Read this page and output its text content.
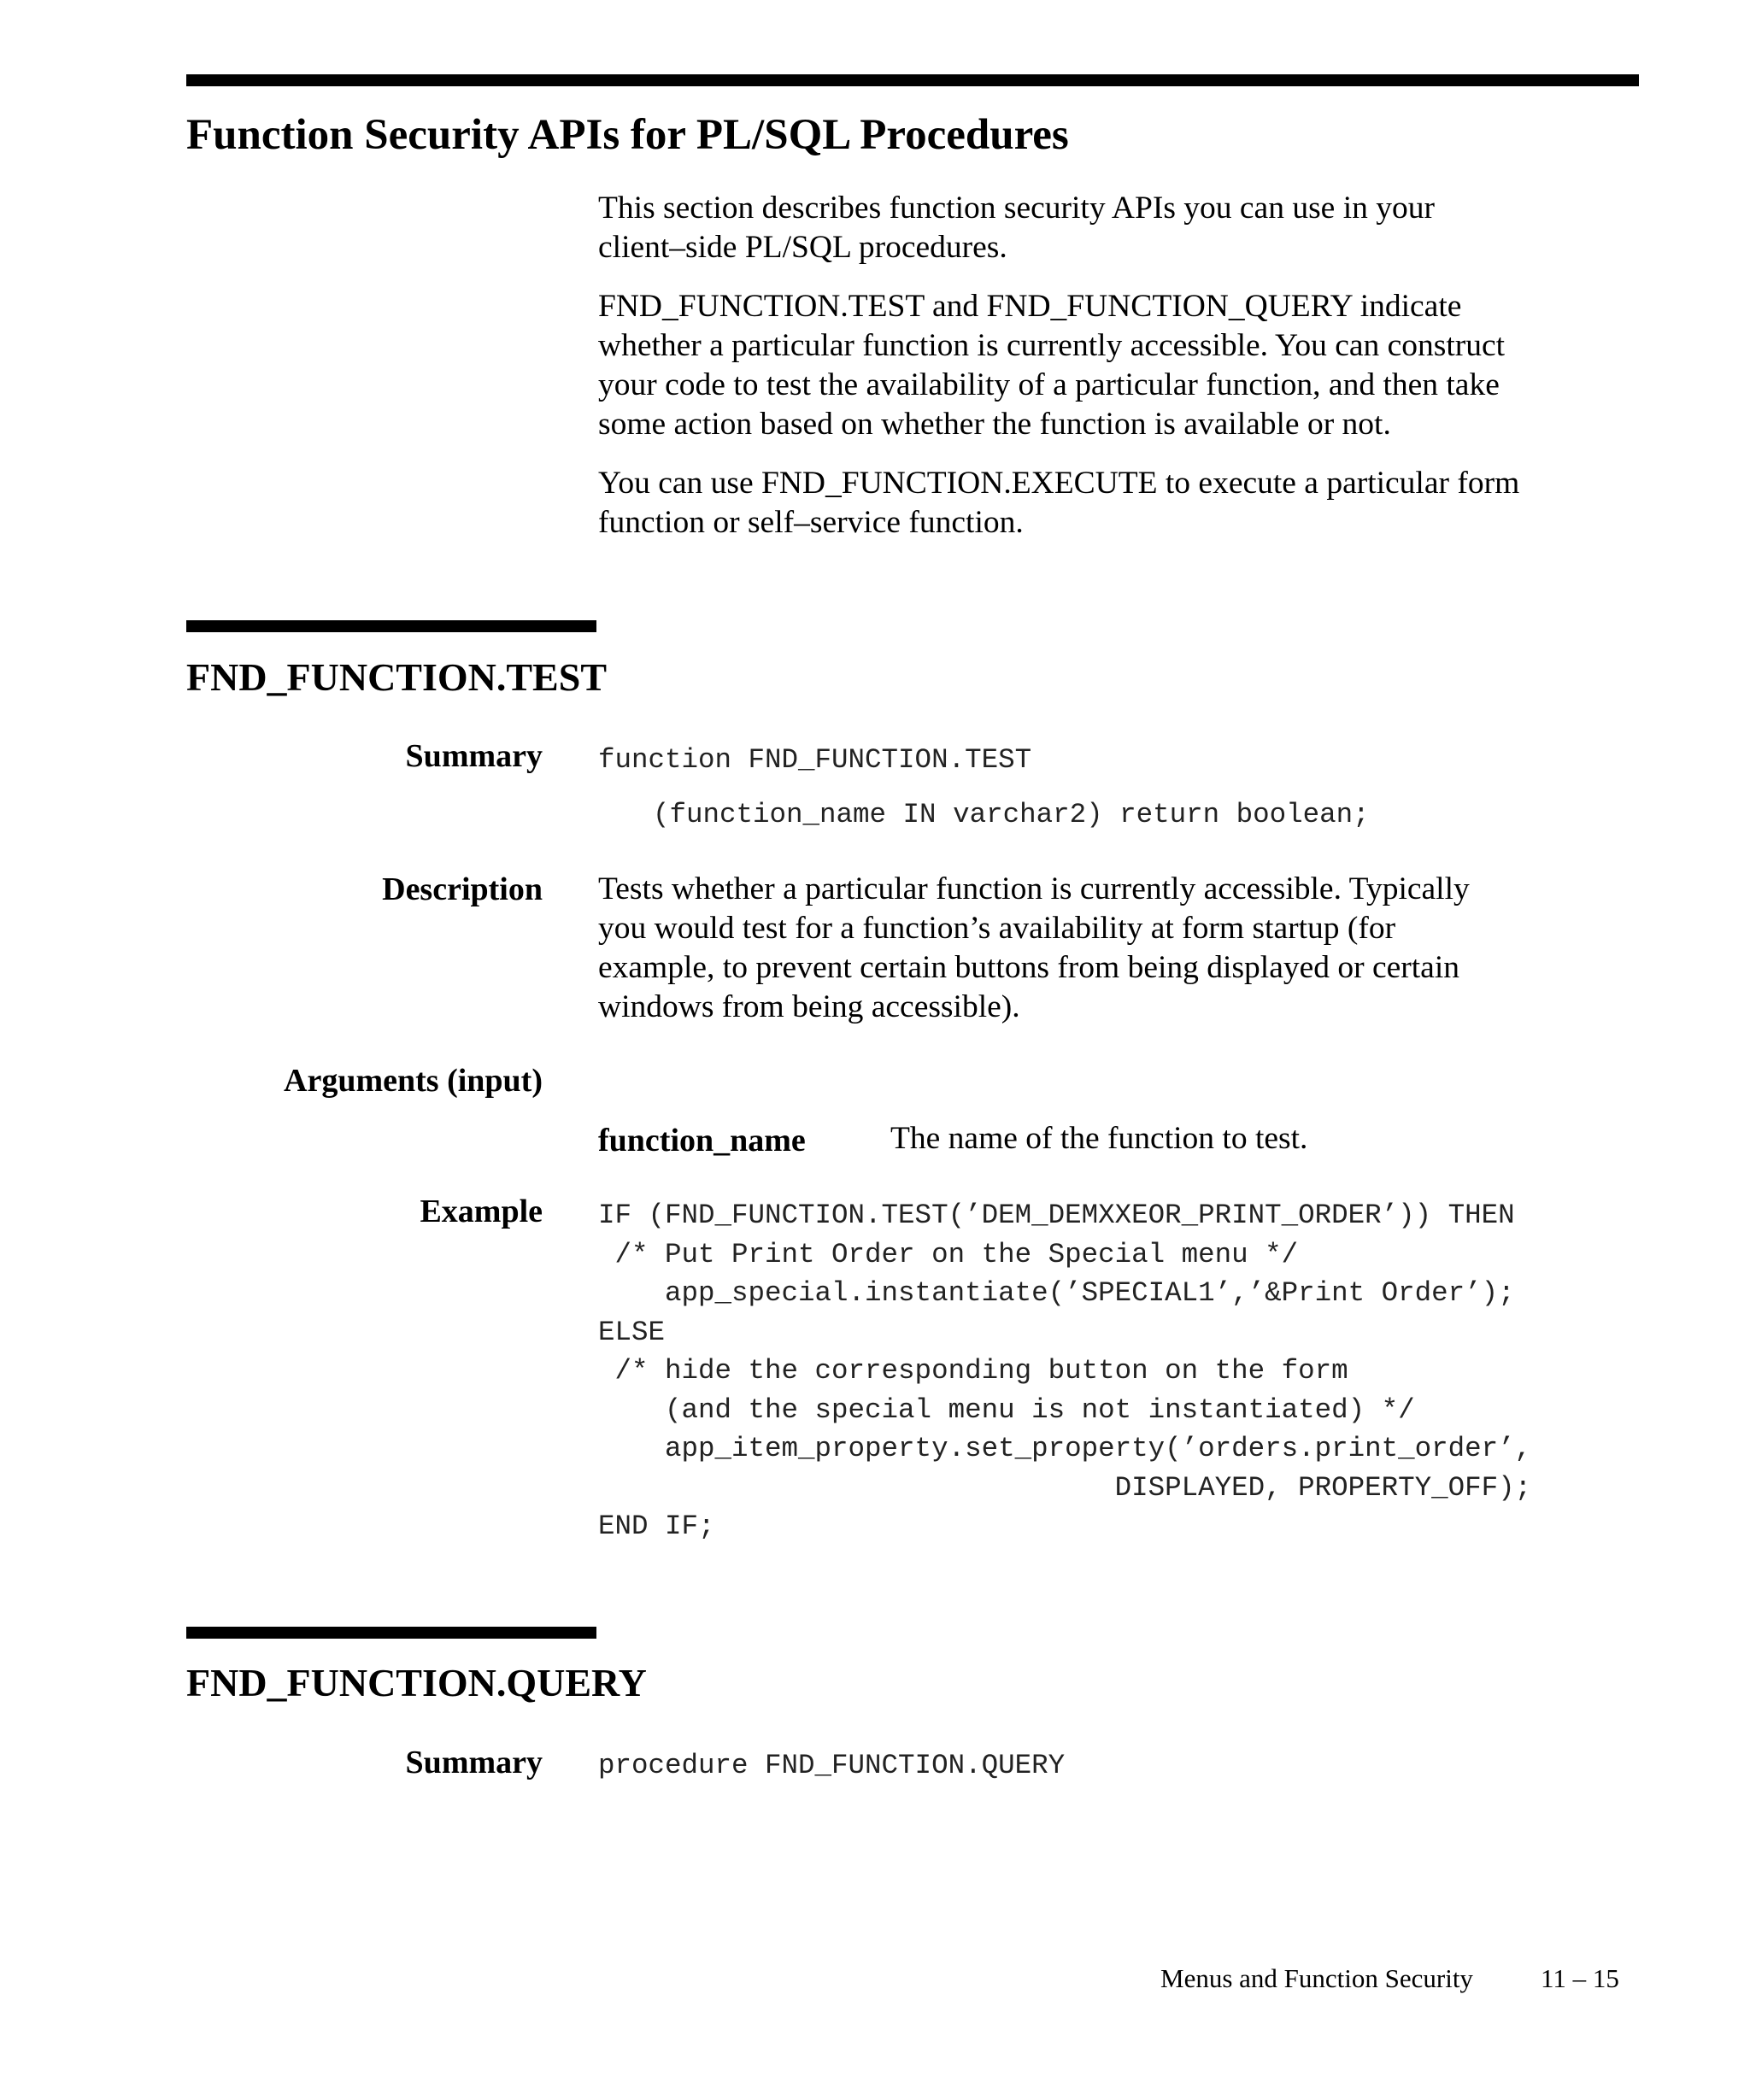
Function Security APIs for PL/SQL Procedures

This section describes function security APIs you can use in your

client–side PL/SQL procedures.

FND_FUNCTION.TEST and FND_FUNCTION_QUERY indicate

whether a particular function is currently accessible. You can construct

your code to test the availability of a particular function, and then take

some action based on whether the function is available or not.

You can use FND_FUNCTION.EXECUTE to execute a particular form

function or self–service function.

FND_FUNCTION.TEST
Summary function FND_FUNCTION.TEST
(function_name IN varchar2) return boolean;
Description Tests whether a particular function is currently accessible. Typically

you would test for a function’s availability at form startup (for

example, to prevent certain buttons from being displayed or certain

windows from being accessible).

Arguments (input)
function_name	The name of the function to test.
Example IF (FND_FUNCTION.TEST(’DEM_DEMXXEOR_PRINT_ORDER’)) THEN
/* Put Print Order on the Special menu */
app_special.instantiate(’SPECIAL1’,’&Print Order’);
ELSE
/* hide the corresponding button on the form
(and the special menu is not instantiated) */
app_item_property.set_property(’orders.print_order’,
DISPLAYED, PROPERTY_OFF);
END IF;
FND_FUNCTION.QUERY
Summary procedure FND_FUNCTION.QUERY
Menus and Function Security	11 – 15
